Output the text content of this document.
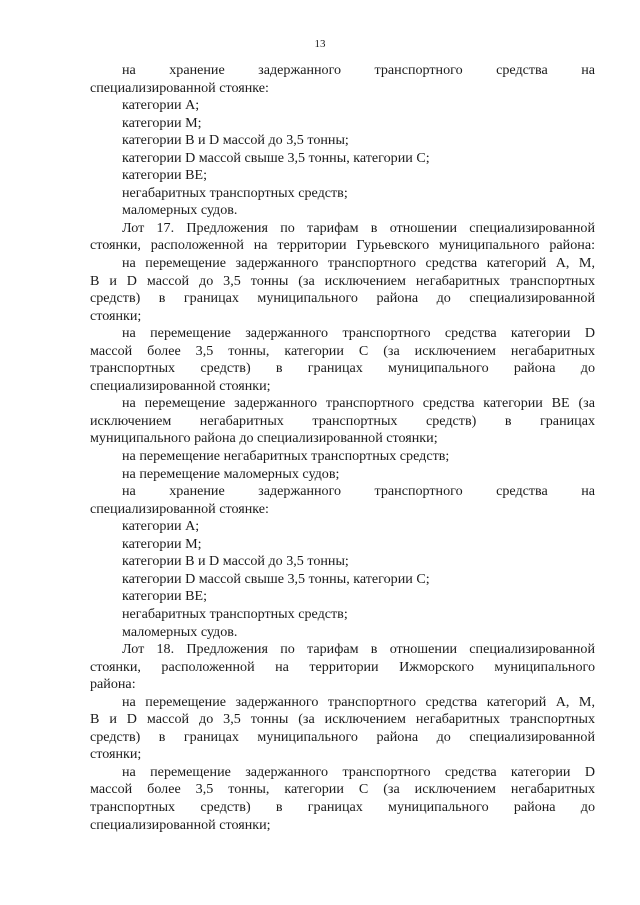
13
на хранение задержанного транспортного средства на
специализированной стоянке:
категории А;
категории М;
категории B и D массой до 3,5 тонны;
категории D массой свыше 3,5 тонны, категории С;
категории ВЕ;
негабаритных транспортных средств;
маломерных судов.
Лот 17. Предложения по тарифам в отношении специализированной
стоянки, расположенной на территории Гурьевского муниципального района:
на перемещение задержанного транспортного средства категорий А, М,
B и D массой до 3,5 тонны (за исключением негабаритных транспортных
средств) в границах муниципального района до специализированной
стоянки;
на перемещение задержанного транспортного средства категории D
массой более 3,5 тонны, категории С (за исключением негабаритных
транспортных средств) в границах муниципального района до
специализированной стоянки;
на перемещение задержанного транспортного средства категории ВЕ (за
исключением негабаритных транспортных средств) в границах
муниципального района до специализированной стоянки;
на перемещение негабаритных транспортных средств;
на перемещение маломерных судов;
на хранение задержанного транспортного средства на
специализированной стоянке:
категории А;
категории М;
категории B и D массой до 3,5 тонны;
категории D массой свыше 3,5 тонны, категории С;
категории ВЕ;
негабаритных транспортных средств;
маломерных судов.
Лот 18. Предложения по тарифам в отношении специализированной
стоянки, расположенной на территории Ижморского муниципального
района:
на перемещение задержанного транспортного средства категорий А, М,
B и D массой до 3,5 тонны (за исключением негабаритных транспортных
средств) в границах муниципального района до специализированной
стоянки;
на перемещение задержанного транспортного средства категории D
массой более 3,5 тонны, категории С (за исключением негабаритных
транспортных средств) в границах муниципального района до
специализированной стоянки;
